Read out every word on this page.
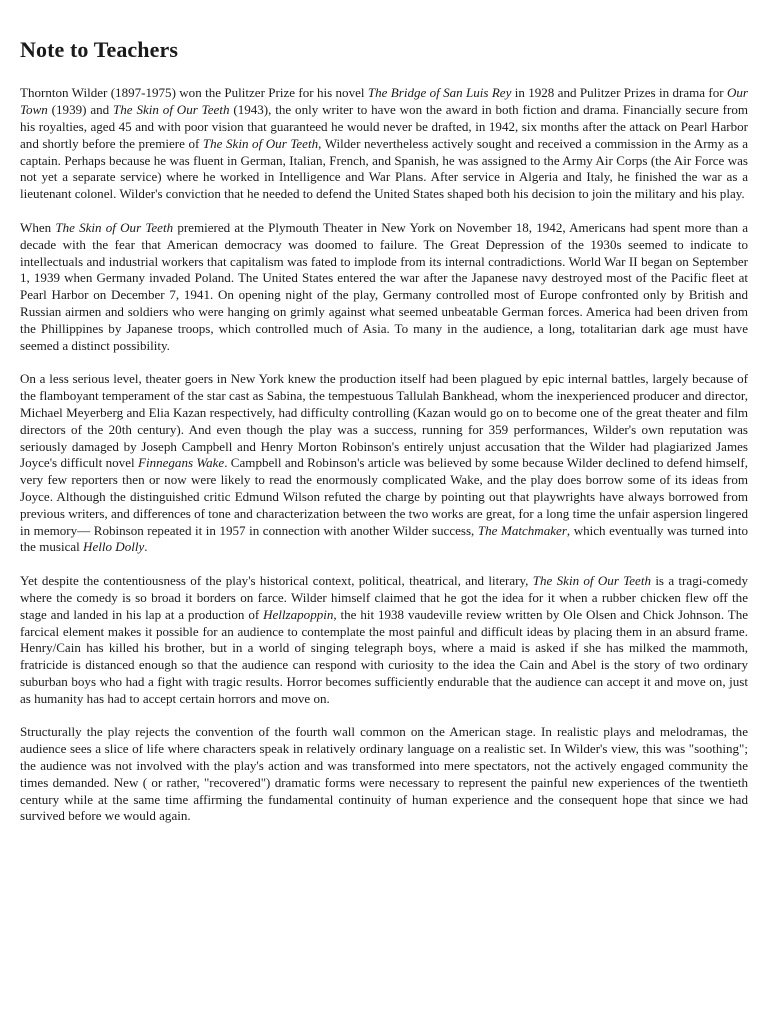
Note to Teachers

Thornton Wilder (1897-1975) won the Pulitzer Prize for his novel The Bridge of San Luis Rey in 1928 and Pulitzer Prizes in drama for Our Town (1939) and The Skin of Our Teeth (1943), the only writer to have won the award in both fiction and drama. Financially secure from his royalties, aged 45 and with poor vision that guaranteed he would never be drafted, in 1942, six months after the attack on Pearl Harbor and shortly before the premiere of The Skin of Our Teeth, Wilder nevertheless actively sought and received a commission in the Army as a captain. Perhaps because he was fluent in German, Italian, French, and Spanish, he was assigned to the Army Air Corps (the Air Force was not yet a separate service) where he worked in Intelligence and War Plans. After service in Algeria and Italy, he finished the war as a lieutenant colonel. Wilder's conviction that he needed to defend the United States shaped both his decision to join the military and his play.

When The Skin of Our Teeth premiered at the Plymouth Theater in New York on November 18, 1942, Americans had spent more than a decade with the fear that American democracy was doomed to failure. The Great Depression of the 1930s seemed to indicate to intellectuals and industrial workers that capitalism was fated to implode from its internal contradictions. World War II began on September 1, 1939 when Germany invaded Poland. The United States entered the war after the Japanese navy destroyed most of the Pacific fleet at Pearl Harbor on December 7, 1941. On opening night of the play, Germany controlled most of Europe confronted only by British and Russian airmen and soldiers who were hanging on grimly against what seemed unbeatable German forces. America had been driven from the Phillippines by Japanese troops, which controlled much of Asia. To many in the audience, a long, totalitarian dark age must have seemed a distinct possibility.

On a less serious level, theater goers in New York knew the production itself had been plagued by epic internal battles, largely because of the flamboyant temperament of the star cast as Sabina, the tempestuous Tallulah Bankhead, whom the inexperienced producer and director, Michael Meyerberg and Elia Kazan respectively, had difficulty controlling (Kazan would go on to become one of the great theater and film directors of the 20th century). And even though the play was a success, running for 359 performances, Wilder's own reputation was seriously damaged by Joseph Campbell and Henry Morton Robinson's entirely unjust accusation that the Wilder had plagiarized James Joyce's difficult novel Finnegans Wake. Campbell and Robinson's article was believed by some because Wilder declined to defend himself, very few reporters then or now were likely to read the enormously complicated Wake, and the play does borrow some of its ideas from Joyce. Although the distinguished critic Edmund Wilson refuted the charge by pointing out that playwrights have always borrowed from previous writers, and differences of tone and characterization between the two works are great, for a long time the unfair aspersion lingered in memory— Robinson repeated it in 1957 in connection with another Wilder success, The Matchmaker, which eventually was turned into the musical Hello Dolly.

Yet despite the contentiousness of the play's historical context, political, theatrical, and literary, The Skin of Our Teeth is a tragi-comedy where the comedy is so broad it borders on farce. Wilder himself claimed that he got the idea for it when a rubber chicken flew off the stage and landed in his lap at a production of Hellzapoppin, the hit 1938 vaudeville review written by Ole Olsen and Chick Johnson. The farcical element makes it possible for an audience to contemplate the most painful and difficult ideas by placing them in an absurd frame. Henry/Cain has killed his brother, but in a world of singing telegraph boys, where a maid is asked if she has milked the mammoth, fratricide is distanced enough so that the audience can respond with curiosity to the idea the Cain and Abel is the story of two ordinary suburban boys who had a fight with tragic results. Horror becomes sufficiently endurable that the audience can accept it and move on, just as humanity has had to accept certain horrors and move on.

Structurally the play rejects the convention of the fourth wall common on the American stage. In realistic plays and melodramas, the audience sees a slice of life where characters speak in relatively ordinary language on a realistic set. In Wilder's view, this was "soothing"; the audience was not involved with the play's action and was transformed into mere spectators, not the actively engaged community the times demanded. New ( or rather, "recovered") dramatic forms were necessary to represent the painful new experiences of the twentieth century while at the same time affirming the fundamental continuity of human experience and the consequent hope that since we had survived before we would again.
